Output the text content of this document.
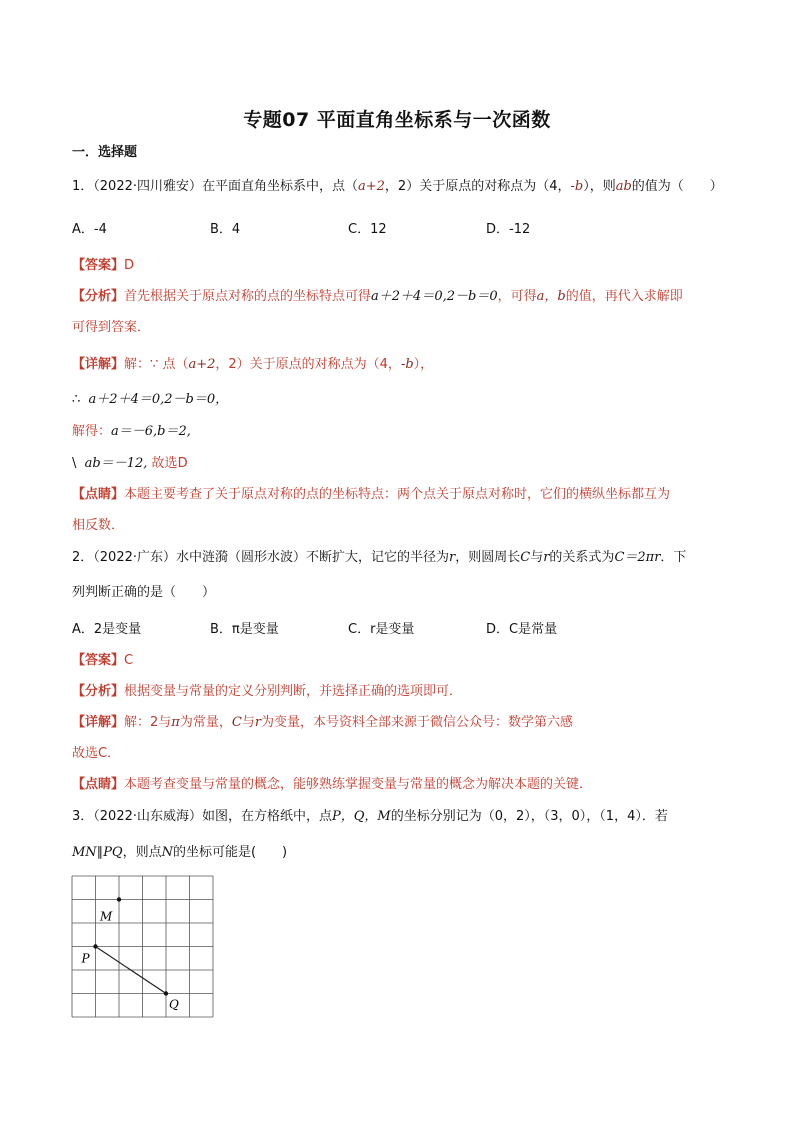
专题07 平面直角坐标系与一次函数
一．选择题
1．（2022·四川雅安）在平面直角坐标系中，点（a+2，2）关于原点的对称点为（4，-b），则ab的值为（　　）
A．-4	B．4	C．12	D．-12
【答案】D
【分析】首先根据关于原点对称的点的坐标特点可得a＋2＋4＝0,2－b＝0，可得a，b的值，再代入求解即
可得到答案．
【详解】解：∵ 点（a+2，2）关于原点的对称点为（4，-b），
∴ a＋2＋4＝0,2－b＝0，
解得：a＝－6,b＝2,
\ ab＝－12, 故选D
【点睛】本题主要考查了关于原点对称的点的坐标特点：两个点关于原点对称时，它们的横纵坐标都互为
相反数．
2．（2022·广东）水中涟漪（圆形水波）不断扩大，记它的半径为r，则圆周长C与r的关系式为C＝2πr．下
列判断正确的是（　　）
A．2是变量	B．π是变量	C．r是变量	D．C是常量
【答案】C
【分析】根据变量与常量的定义分别判断，并选择正确的选项即可．
【详解】解：2与π为常量，C与r为变量，本号资料全部来源于微信公众号：数学第六感
故选C．
【点睛】本题考查变量与常量的概念，能够熟练掌握变量与常量的概念为解决本题的关键．
3．（2022·山东威海）如图，在方格纸中，点P，Q，M的坐标分别记为（0，2），（3，0），（1，4）．若
MN∥PQ，则点N的坐标可能是(　　)
M
P
Q
